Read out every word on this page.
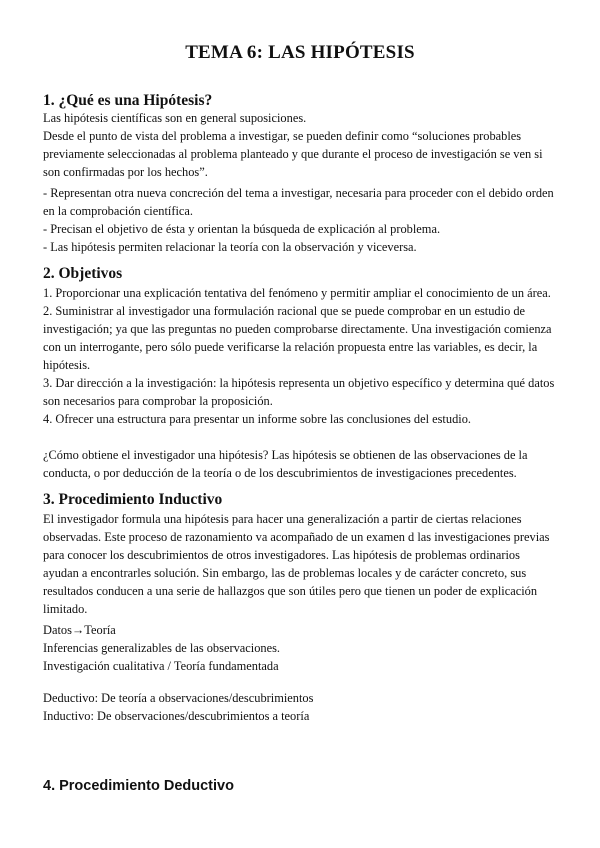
TEMA 6: LAS HIPÓTESIS
1. ¿Qué es una Hipótesis?

Las hipótesis científicas son en general suposiciones.

Desde el punto de vista del problema a investigar, se pueden definir como “soluciones probables previamente seleccionadas al problema planteado y que durante el proceso de investigación se ven si son confirmadas por los hechos”.

- Representan otra nueva concreción del tema a investigar, necesaria para proceder con el debido orden en la comprobación científica.

- Precisan el objetivo de ésta y orientan la búsqueda de explicación al problema.

- Las hipótesis permiten relacionar la teoría con la observación y viceversa.

2. Objetivos

1. Proporcionar una explicación tentativa del fenómeno y permitir ampliar el conocimiento de un área.

2. Suministrar al investigador una formulación racional que se puede comprobar en un estudio de investigación; ya que las preguntas no pueden comprobarse directamente. Una investigación comienza con un interrogante, pero sólo puede verificarse la relación propuesta entre las variables, es decir, la hipótesis.

3. Dar dirección a la investigación: la hipótesis representa un objetivo específico y determina qué datos son necesarios para comprobar la proposición.

4. Ofrecer una estructura para presentar un informe sobre las conclusiones del estudio.

¿Cómo obtiene el investigador una hipótesis? Las hipótesis se obtienen de las observaciones de la conducta, o por deducción de la teoría o de los descubrimientos de investigaciones precedentes.
3. Procedimiento Inductivo
El investigador formula una hipótesis para hacer una generalización a partir de ciertas relaciones observadas. Este proceso de razonamiento va acompañado de un examen d las investigaciones previas para conocer los descubrimientos de otros investigadores. Las hipótesis de problemas ordinarios ayudan a encontrarles solución. Sin embargo, las de problemas locales y de carácter concreto, sus resultados conducen a una serie de hallazgos que son útiles pero que tienen un poder de explicación limitado.

Datos→Teoría

Inferencias generalizables de las observaciones.

Investigación cualitativa / Teoría fundamentada

Deductivo: De teoría a observaciones/descubrimientos

Inductivo: De observaciones/descubrimientos a teoría

4. Procedimiento Deductivo
